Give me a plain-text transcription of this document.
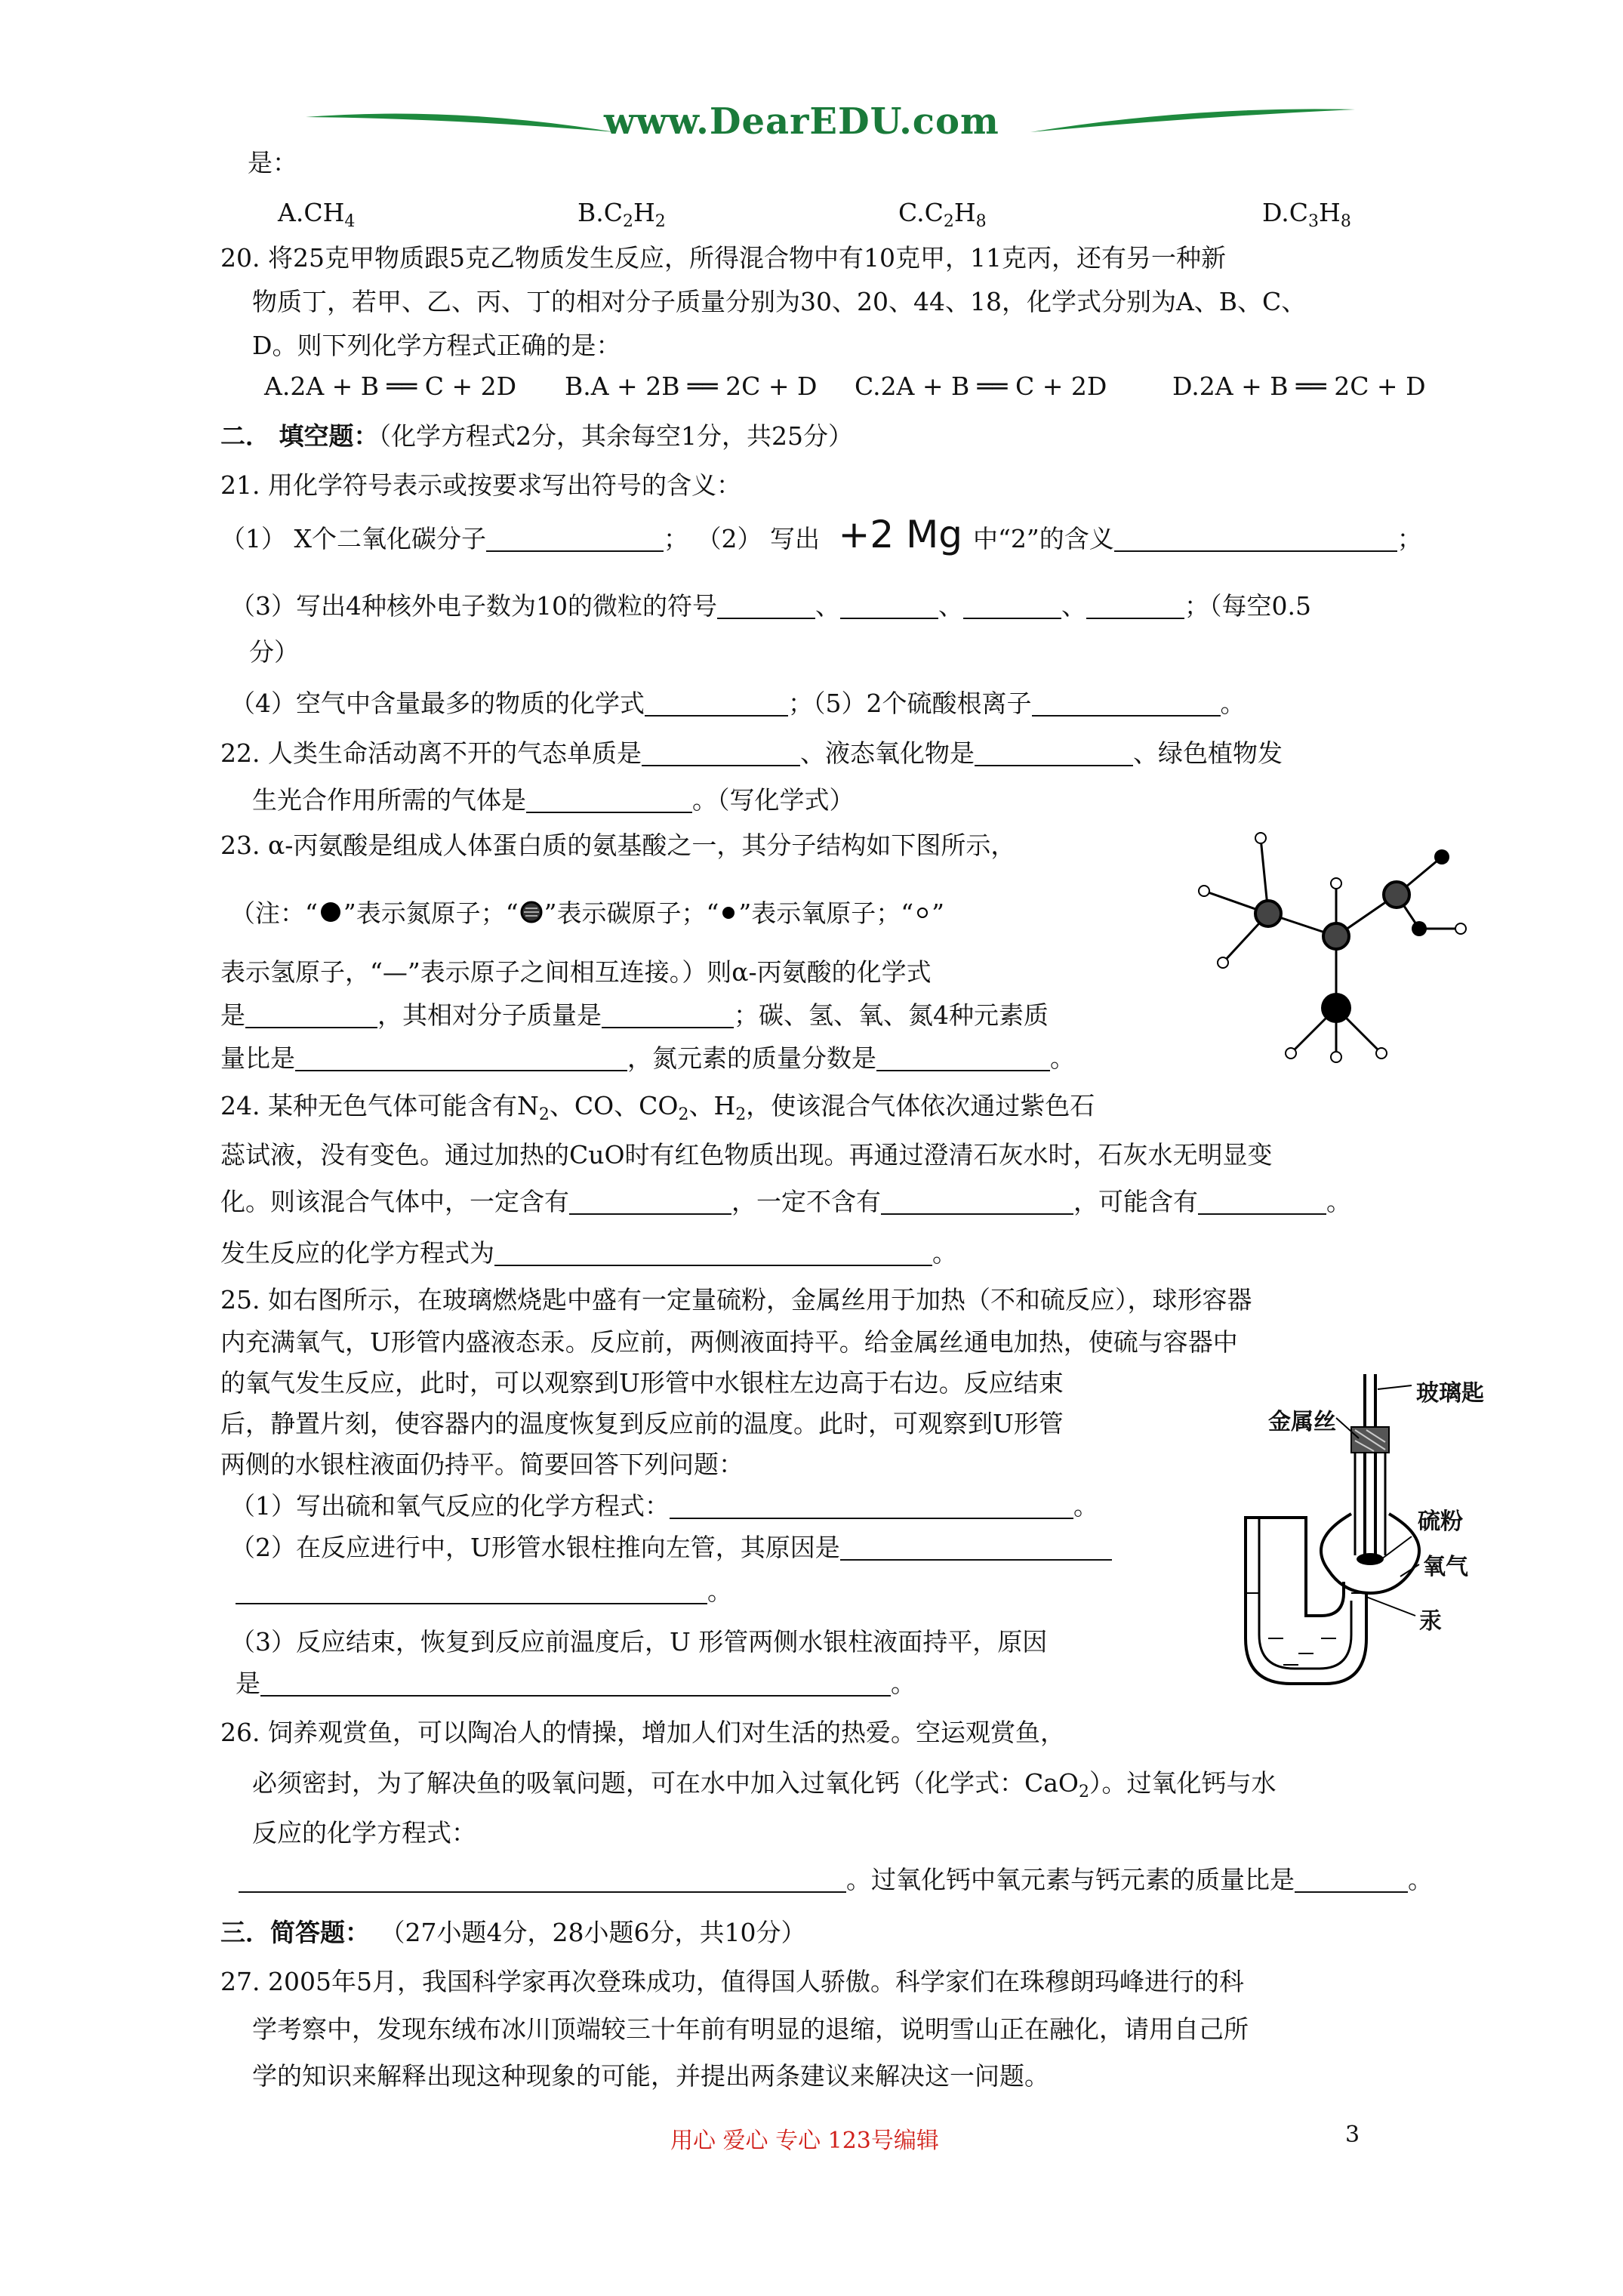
www.DearEDU.com
是：
$A.CH_4$	$B.C_2H_2$	$C.C_2H_8$	$D.C_3H_8$
20. 将25克甲物质跟5克乙物质发生反应，所得混合物中有10克甲，11克丙，还有另一种新
物质丁，若甲、乙、丙、丁的相对分子质量分别为30、20、44、18，化学式分别为A、B、C、
D。则下列化学方程式正确的是：
A.2A + B ══ C + 2D B.A + 2B ══ 2C + D C.2A + B ══ C + 2D	D.2A + B ══ 2C + D
二． 填空题：（化学方程式2分，其余每空1分，共25分）
21. 用化学符号表示或按要求写出符号的含义：
（1） X个二氧化碳分子	； （2） 写出 +2 Mg 中“2”的含义	；
（3）写出4种核外电子数为10的微粒的符号	、	、	、	；（每空0.5
分）
（4）空气中含量最多的物质的化学式	；（5）2个硫酸根离子	。
22. 人类生命活动离不开的气态单质是	、液态氧化物是	、绿色植物发
生光合作用所需的气体是	。（写化学式）
23. α-丙氨酸是组成人体蛋白质的氨基酸之一，其分子结构如下图所示，
（注：“ ”表示氮原子；“ ”表示碳原子；“ ”表示氧原子；“ ”
表示氢原子，“—”表示原子之间相互连接。）则α-丙氨酸的化学式
是	，其相对分子质量是	；碳、氢、氧、氮4种元素质
量比是	，氮元素的质量分数是	。
24. 某种无色气体可能含有$N_2$、CO、$CO_2$、$H_2$，使该混合气体依次通过紫色石
蕊试液，没有变色。通过加热的CuO时有红色物质出现。再通过澄清石灰水时，石灰水无明显变
化。则该混合气体中，一定含有	，一定不含有	，可能含有	。
发生反应的化学方程式为	。
25. 如右图所示，在玻璃燃烧匙中盛有一定量硫粉，金属丝用于加热（不和硫反应），球形容器
内充满氧气，U形管内盛液态汞。反应前，两侧液面持平。给金属丝通电加热，使硫与容器中
的氧气发生反应，此时，可以观察到U形管中水银柱左边高于右边。反应结束
后，静置片刻，使容器内的温度恢复到反应前的温度。此时，可观察到U形管
两侧的水银柱液面仍持平。简要回答下列问题：
（1）写出硫和氧气反应的化学方程式：	。
（2）在反应进行中，U形管水银柱推向左管，其原因是
。
（3）反应结束，恢复到反应前温度后，U 形管两侧水银柱液面持平，原因
是	。
玻璃匙
金属丝
硫粉
氧气
汞
26. 饲养观赏鱼，可以陶冶人的情操，增加人们对生活的热爱。空运观赏鱼，
必须密封，为了解决鱼的吸氧问题，可在水中加入过氧化钙（化学式：CaO$_2$）。过氧化钙与水
反应的化学方程式：
。过氧化钙中氧元素与钙元素的质量比是	。
三．简答题： （27小题4分，28小题6分，共10分）
27. 2005年5月，我国科学家再次登珠成功，值得国人骄傲。科学家们在珠穆朗玛峰进行的科
学考察中，发现东绒布冰川顶端较三十年前有明显的退缩，说明雪山正在融化，请用自己所
学的知识来解释出现这种现象的可能，并提出两条建议来解决这一问题。
用心 爱心 专心 123号编辑	3
